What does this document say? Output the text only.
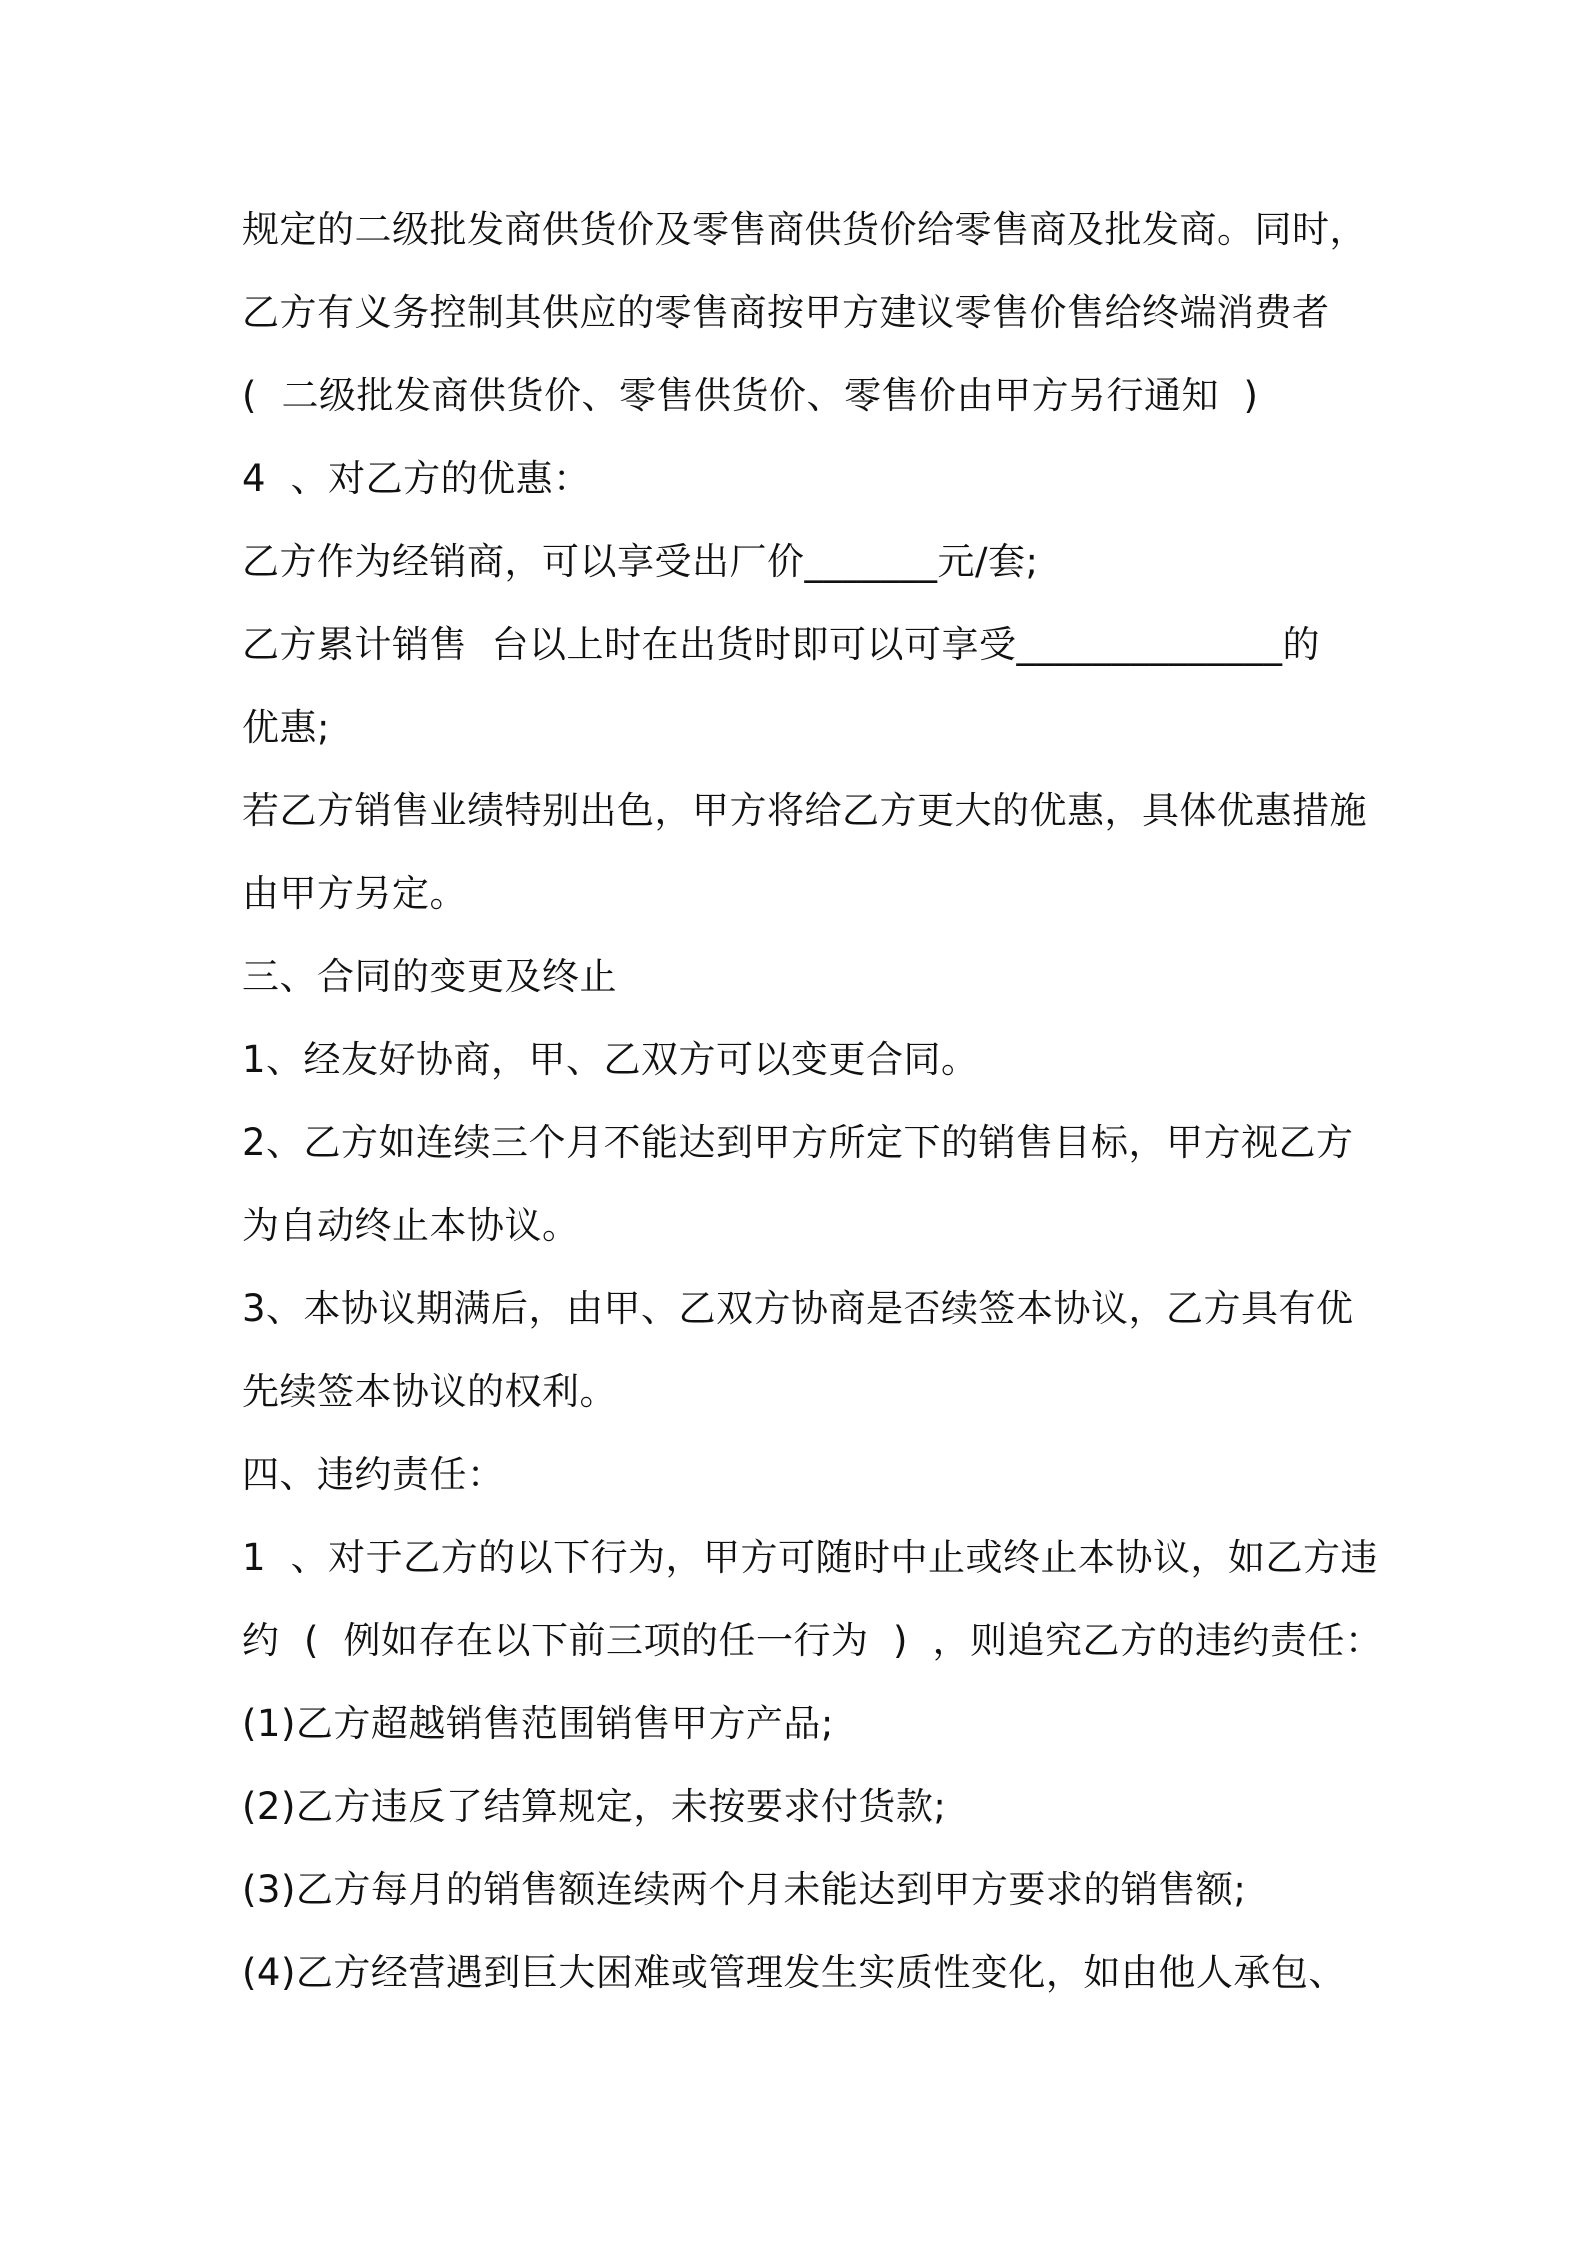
规定的二级批发商供货价及零售商供货价给零售商及批发商。同时，
乙方有义务控制其供应的零售商按甲方建议零售价售给终端消费者
(  二级批发商供货价、零售供货价、零售价由甲方另行通知  )
4  、对乙方的优惠：
乙方作为经销商，可以享受出厂价_______元/套;
乙方累计销售  台以上时在出货时即可以可享受______________的
优惠;
若乙方销售业绩特别出色，甲方将给乙方更大的优惠，具体优惠措施
由甲方另定。
三、合同的变更及终止
1、经友好协商，甲、乙双方可以变更合同。
2、乙方如连续三个月不能达到甲方所定下的销售目标，甲方视乙方
为自动终止本协议。
3、本协议期满后，由甲、乙双方协商是否续签本协议，乙方具有优
先续签本协议的权利。
四、违约责任：
1  、对于乙方的以下行为，甲方可随时中止或终止本协议，如乙方违
约  (  例如存在以下前三项的任一行为  )  ，则追究乙方的违约责任：
(1)乙方超越销售范围销售甲方产品;
(2)乙方违反了结算规定，未按要求付货款;
(3)乙方每月的销售额连续两个月未能达到甲方要求的销售额;
(4)乙方经营遇到巨大困难或管理发生实质性变化，如由他人承包、
